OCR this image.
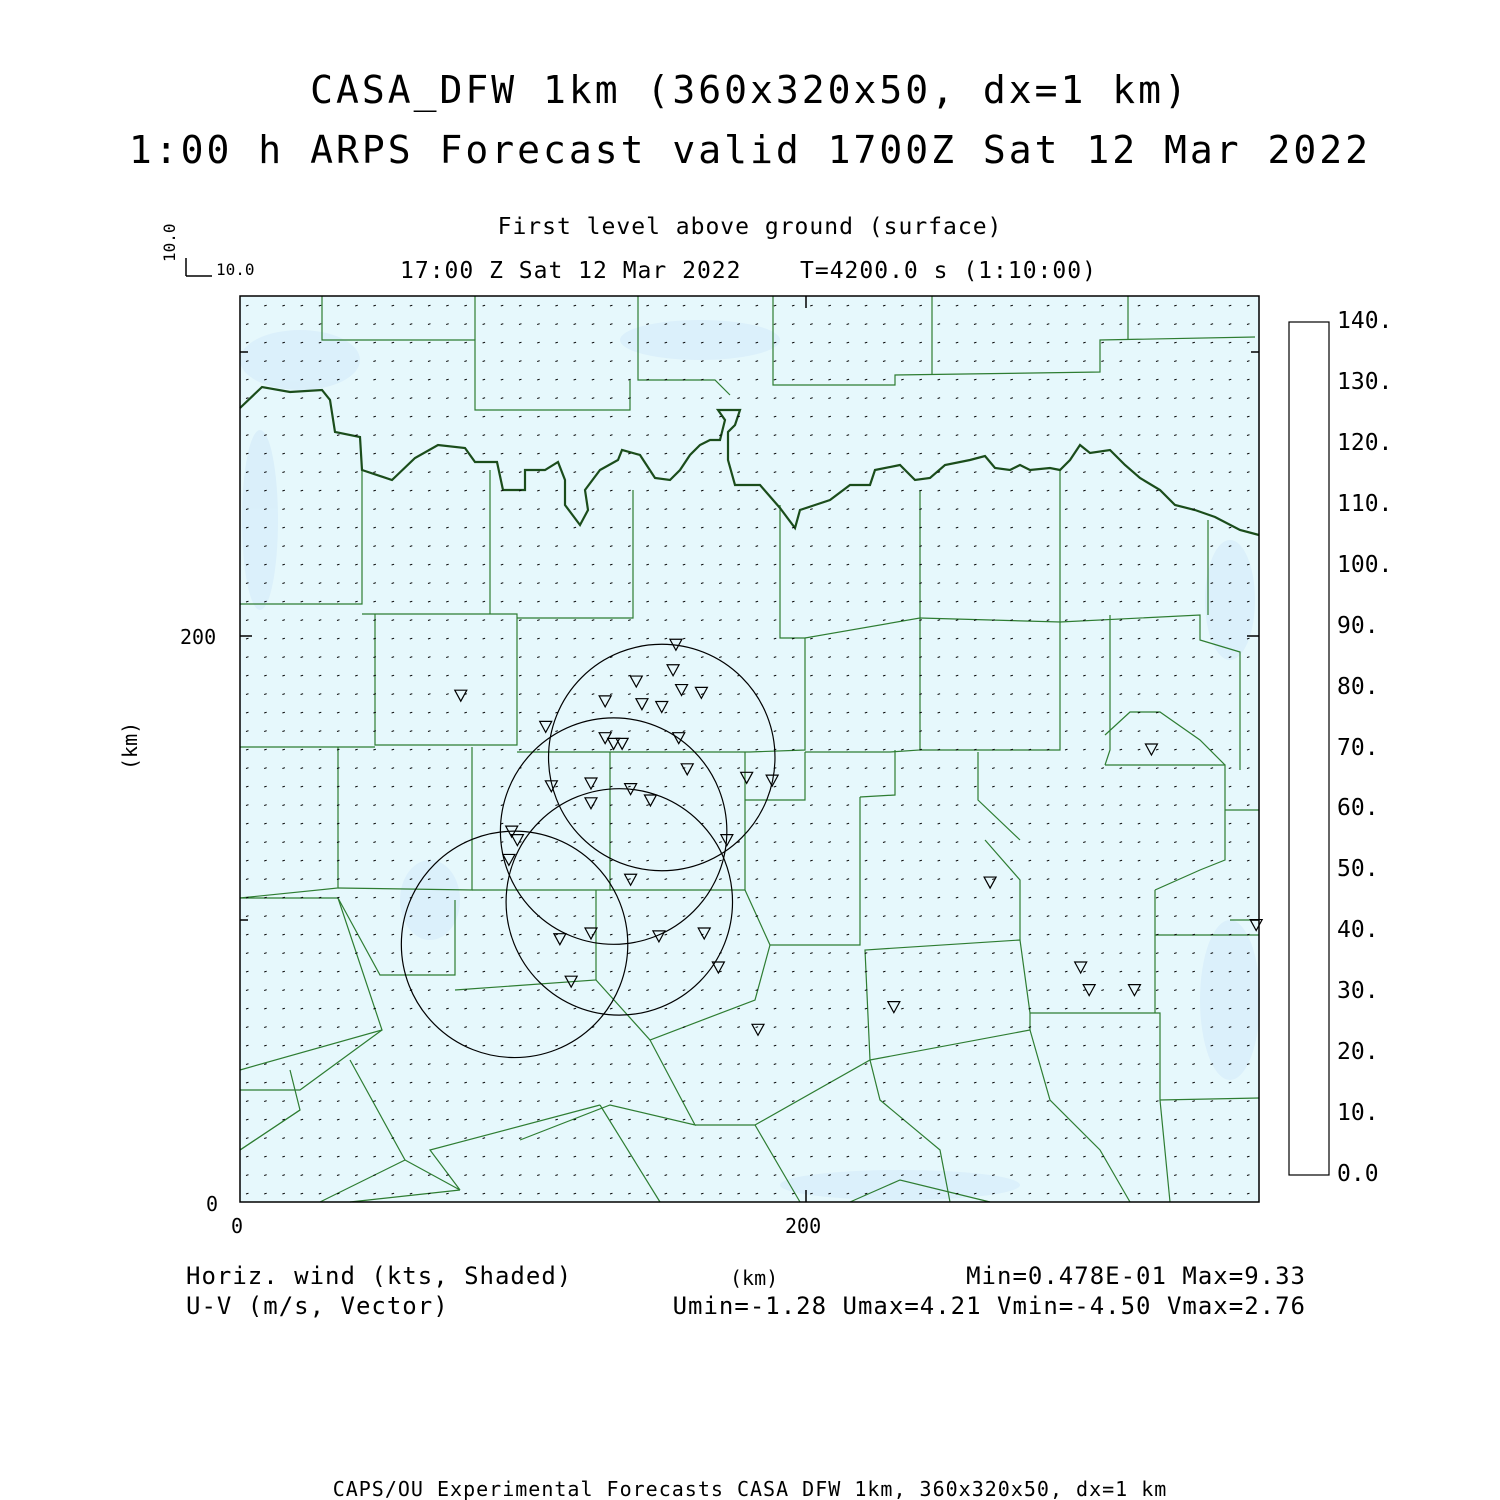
CASA_DFW 1km (360x320x50, dx=1 km)
1:00 h ARPS Forecast valid 1700Z Sat 12 Mar 2022
First level above ground (surface)
17:00 Z Sat 12 Mar 2022	T=4200.0 s (1:10:00)
10.0
10.0
(km)
200
0
0	200
Horiz. wind (kts, Shaded)
U-V (m/s, Vector)
(km)	Min=0.478E-01 Max=9.33
Umin=-1.28 Umax=4.21 Vmin=-4.50 Vmax=2.76
CAPS/OU Experimental Forecasts CASA DFW 1km, 360x320x50, dx=1 km
0.0
10.
20.
30.
40.
50.
60.
70.
80.
90.
100.
110.
120.
130.
140.
